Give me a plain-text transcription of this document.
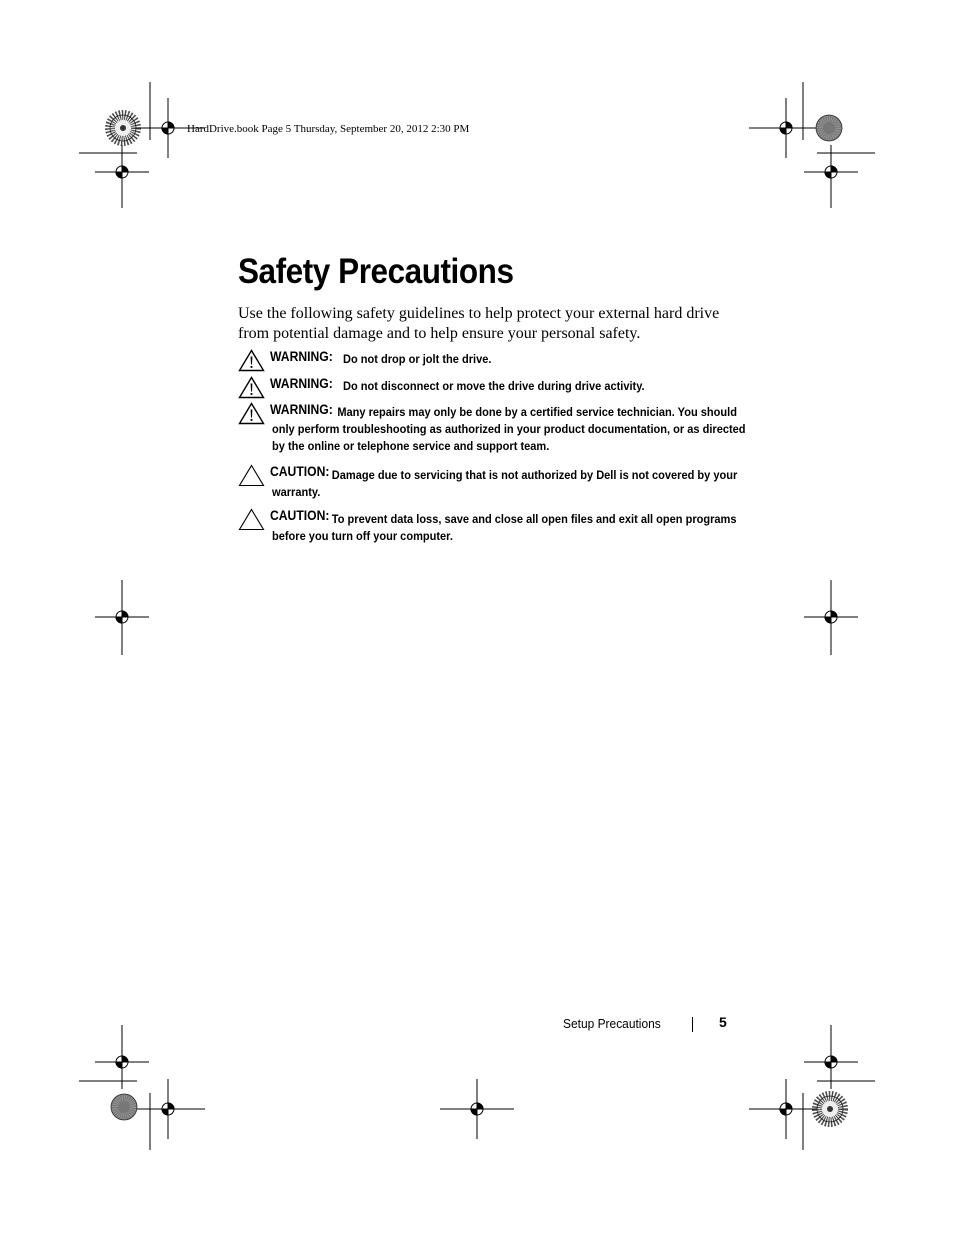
HardDrive.book Page 5 Thursday, September 20, 2012 2:30 PM
Safety Precautions

Use the following safety guidelines to help protect your external hard drive from potential damage and to help ensure your personal safety.

WARNING: Do not drop or jolt the drive.
WARNING: Do not disconnect or move the drive during drive activity.
WARNING: Many repairs may only be done by a certified service technician. You should only perform troubleshooting as authorized in your product documentation, or as directed by the online or telephone service and support team.
CAUTION: Damage due to servicing that is not authorized by Dell is not covered by your warranty.
CAUTION: To prevent data loss, save and close all open files and exit all open programs before you turn off your computer.
Setup Precautions	5
